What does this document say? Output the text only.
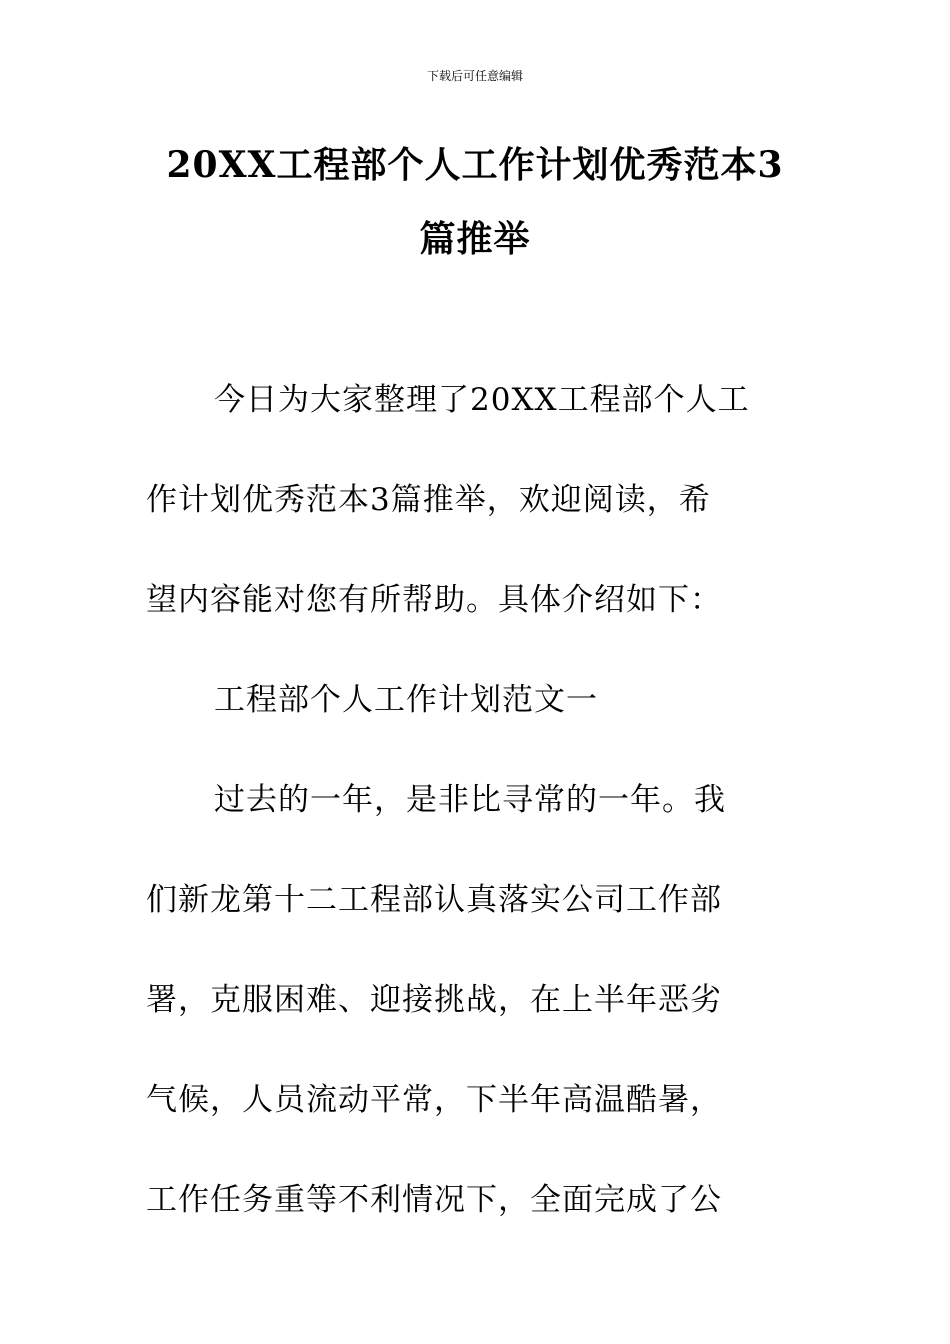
下载后可任意编辑
20XX工程部个人工作计划优秀范本3
篇推举
今日为大家整理了20XX工程部个人工
作计划优秀范本3篇推举，欢迎阅读，希
望内容能对您有所帮助。具体介绍如下：
工程部个人工作计划范文一
过去的一年，是非比寻常的一年。我
们新龙第十二工程部认真落实公司工作部
署，克服困难、迎接挑战，在上半年恶劣
气候，人员流动平常，下半年高温酷暑，
工作任务重等不利情况下，全面完成了公
